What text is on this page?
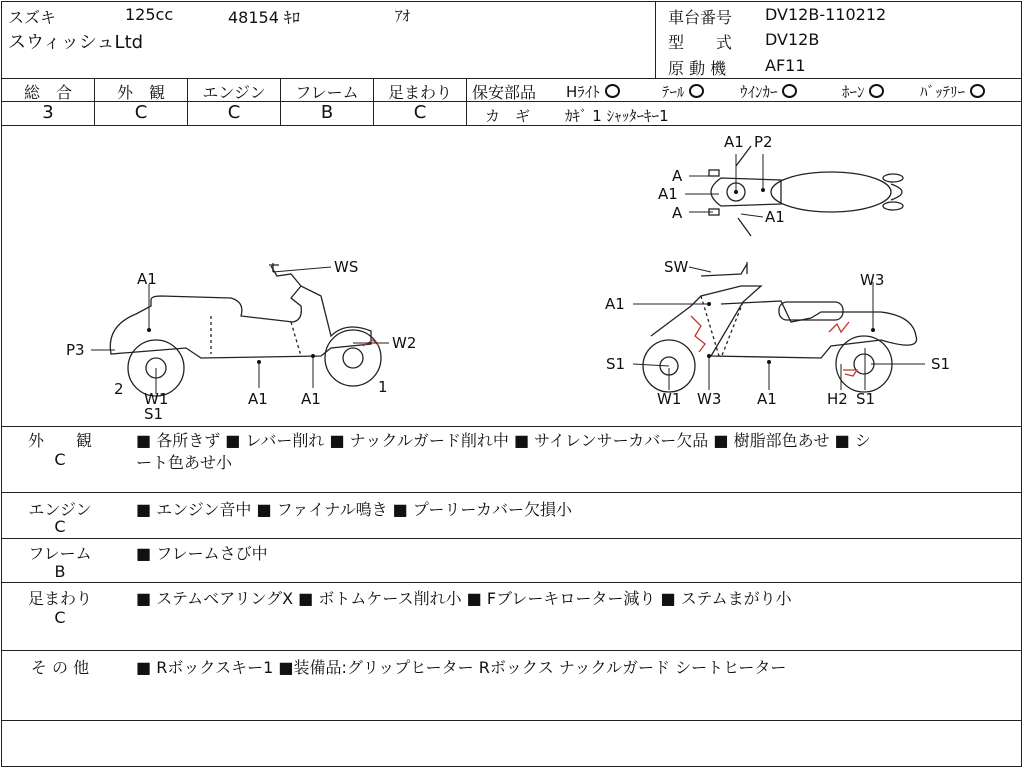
スズキ	125cc	48154 ｷﾛ	ｱｵ
スウィッシュLtd
車台番号 DV12B-110212
型　　式 DV12B
原 動 機 AF11
総　合	外　観	エンジン	フレーム	足まわり
3	C	C	B	C
保安部品 Hﾗｲﾄ	ﾃｰﾙ	ｳｲﾝｶｰ	ﾎｰﾝ	ﾊﾞｯﾃﾘｰ
カ　ギ ｶｷﾞ 1 ｼｬｯﾀｰｷｰ1
A1 P2
A
A1
A	A1
A1
WS
P3	W2
2
W1
S1
A1 A1
1
SW
A1
W3
S1	S1
W1 W3 A1	H2 S1
外　　観
C
■ 各所きず ■ レバー削れ ■ ナックルガード削れ中 ■ サイレンサーカバー欠品 ■ 樹脂部色あせ ■ シ
ート色あせ小
エンジン
C
■ エンジン音中 ■ ファイナル鳴き ■ プーリーカバー欠損小
フレーム
B
■ フレームさび中
足まわり
C
■ ステムベアリングX ■ ボトムケース削れ小 ■ Fブレーキローター減り ■ ステムまがり小
そ の 他	■ Rボックスキー1 ■装備品:グリップヒーター Rボックス ナックルガード シートヒーター
